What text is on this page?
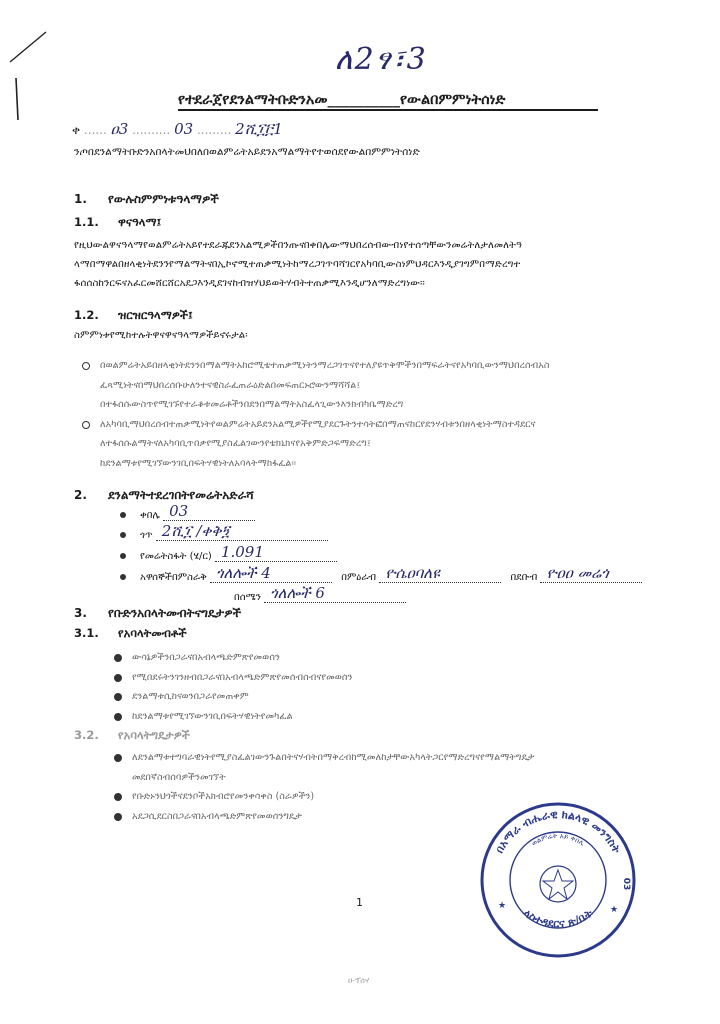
ለ2ፃ፣3
የተደራጀየደንልማትቡድንአመ__________የውልበምምነትሰነድ
ቀ ...... ዐ3 .......... 03 ......... 2ሺ፲፫1
ንጦበደንልማትቡድንአበላትመህበለበወልምሬትአይደንአማልማትየተወሰደየውልበምምነትሰነድ
1. የውሉስምምነቱዓላማዎች
1.1. ዋናዓላማ፤
የዚህውልዋናዓላማየወልምሬትአይየተደራጁደንአልሚዎችበንጡናበቀበሌውማህበረሰብውብነየተሰጣቸውንመሬትለታለመለትዓ
ላማበማዋልበዘላቂነትደንንየማልማትናበኢኮኖሚተጠቃሚነትከማረጋገጥባሻገርየአካባቢውስነምህዳርእንዲያገግምበማድረግተ
ፋሰሰስከንርፍናአፈርመሸርሸርአደጋእንዲደገናከብዝሃህይወትሃብትተጠቃሚእንዲሆንለማድረግነው፡፡
1.2. ዝርዝርዓላማዎች፤
ስምምነቱየሚከተሉትዋናዋናዓላማዎችይኖሩታል፡
በወልምሬትአይበዘላቂነትደንንበማልማትአከሮሚቴተጠቃሚነትንማረጋገጥናየተለያዩጥቅሞችንበማፍራትናየአካባቢውንማህበረሰብአስ
ፈጻሚነትናበማህበረሰቡሁለንተናዊስራፈጠራዕድልበመፍጠርኑሮውንማሻሻል፤
በተፋሰሱውስጥየሚገኙየተራቆቱመሬቶችንበደንበማልማትአስፈላጊውንእንክብካቤማድረግ
ለአካባቢማህበረሰብተጠቃሚነትየወልምሬትአይደንአልሚዎችየሚያደርጉትንተሳትፎበማጠናከርየደንሃብቱንበዘላቂነትማስተዳደርና
ለተፋሰሱልማትናለአካባቢጥበቃየሚያስፈልገውንየቴክኒክናየአቅምድጋፍማድረግ፤
ከደንልማቱየሚገኘውንገቢበፍትሃዊነትለአባላትማከፋፈል፡፡
2. ደንልማትተደረገበትየመሬትአድራሻ
ቀበሌ 03
ጎጥ 2ሺ፲ /ቀቅ፺
የመሬትስፋት (ሄ/ር) 1.091
አዋሰኞችበምስራቅ ጎለሎች 4	በምዕራብ ዮሴዐባለዩ	በደቡብ ዮዐዐ መሬጎ
በሰሜን ጎለሎች 6
3. የቡድንአበላትመብትናግዴታዎች
3.1. የአባላትመብቶች
ውሳኔዎችንበጋራናበአብላጫድምጽየመወሰን
የሚበደሩትንገንዘብበጋራናበአብላጫድምጽየመሰብሰብናየመወሰን
ደንልማቱሲከናወንበጋራየመጠቀም
ከደንልማቱየሚገኘውንገቢበፍትሃዊነትየመካፈል
3.2. የአባላትግዴታዎች
ለደንልማቱተግባራዊነትየሚያስፈልገውንጉልበትናሃብትበማቅረብከሚመለከታቸውአካላትጋርየማድረግናየማልማትግዴታ
መደበኛስብሰባዎችንመገኘት
የቡድኑንህጎችናደንቦችአክብሮየመንቀሳቀስ (ስራዎችን)
አደጋሲደርስበጋራናበአብላጫድምጽየመወሰንግዴታ
1
ዐ-ፕሰሃ
በአማራ ብሔራዊ ክልላዊ መንግስት
ላስተዳደርና ጽ/ቤት
ወልምሬት አይ ቀበሌ
03
★	★
